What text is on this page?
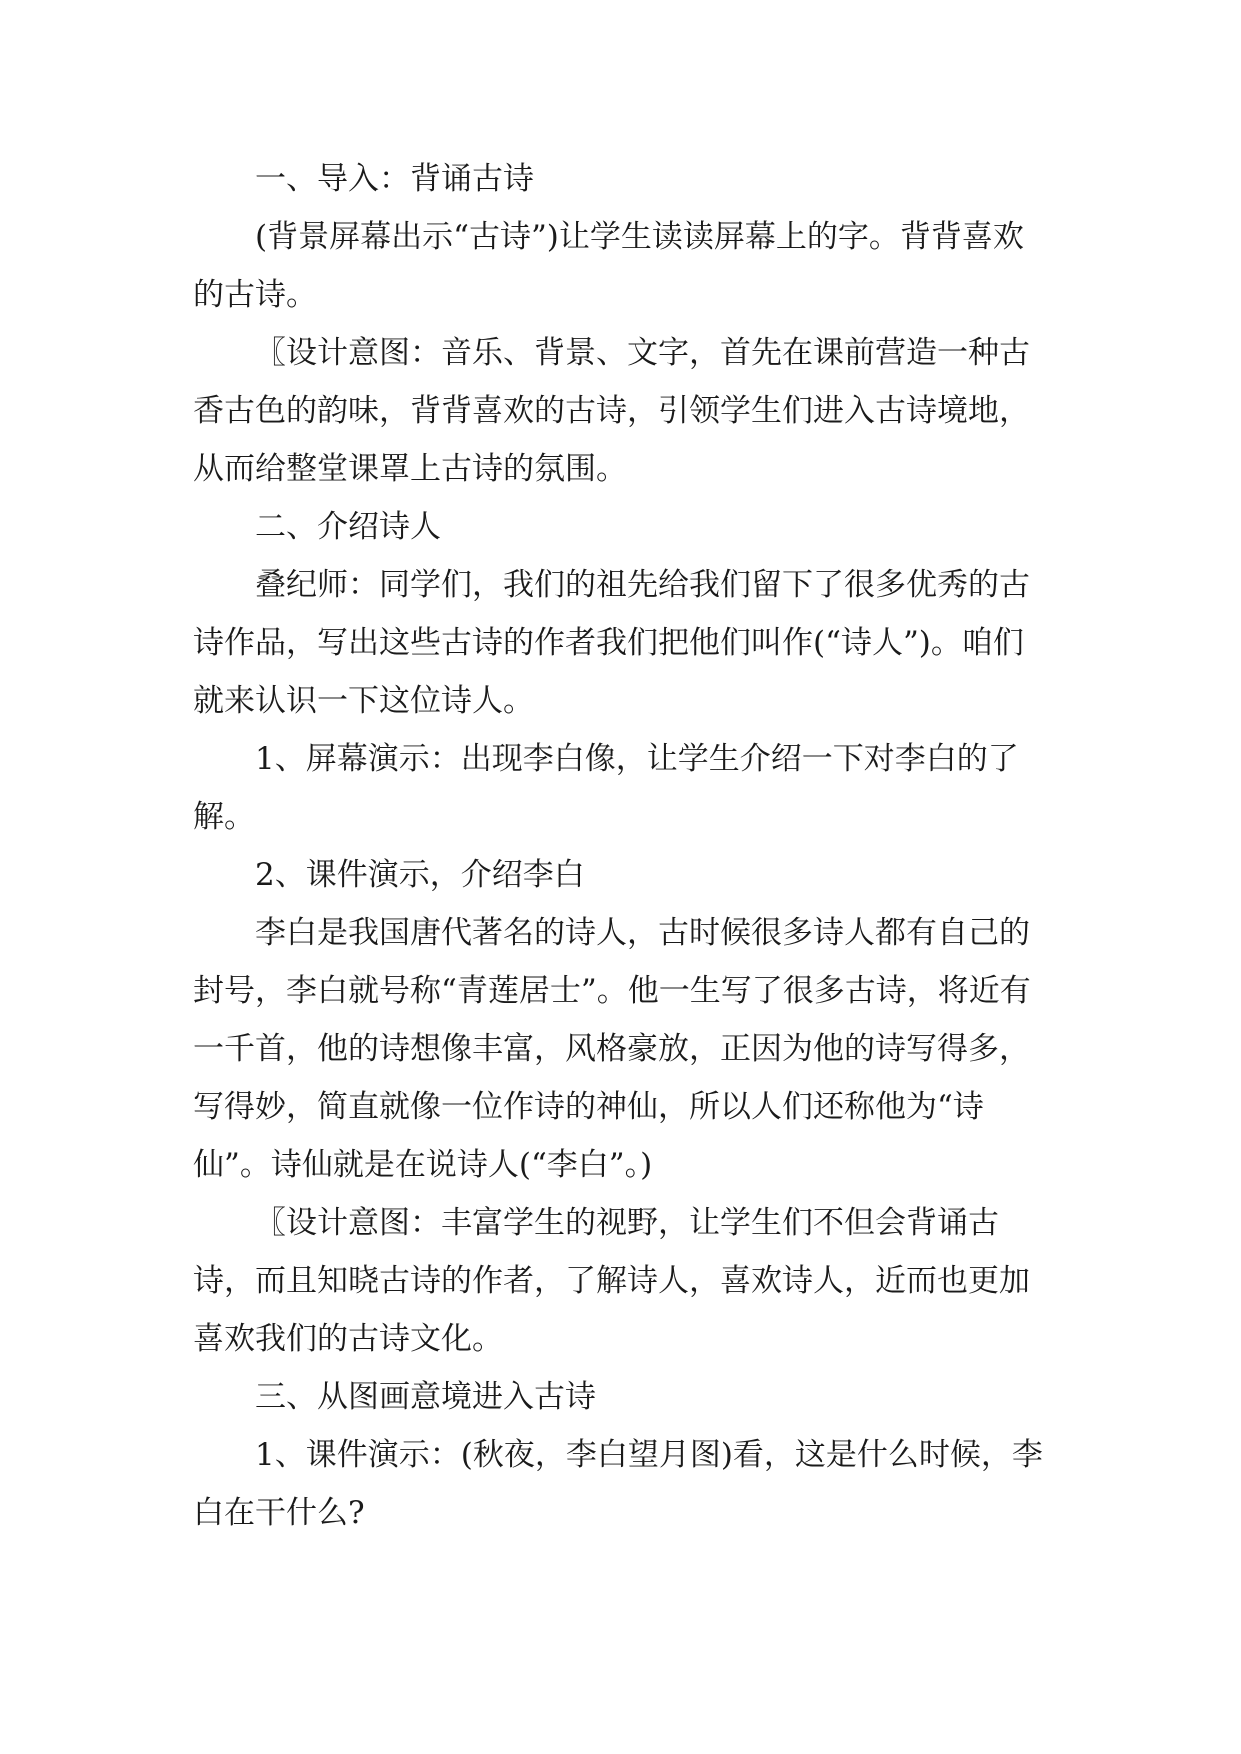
一、导入：背诵古诗

(背景屏幕出示“古诗”)让学生读读屏幕上的字。背背喜欢的古诗。

〖设计意图：音乐、背景、文字，首先在课前营造一种古香古色的韵味，背背喜欢的古诗，引领学生们进入古诗境地，从而给整堂课罩上古诗的氛围。

二、介绍诗人

叠纪师：同学们，我们的祖先给我们留下了很多优秀的古诗作品，写出这些古诗的作者我们把他们叫作(“诗人”)。咱们就来认识一下这位诗人。

1、屏幕演示：出现李白像，让学生介绍一下对李白的了解。

2、课件演示，介绍李白

李白是我国唐代著名的诗人，古时候很多诗人都有自己的封号，李白就号称“青莲居士”。他一生写了很多古诗，将近有一千首，他的诗想像丰富，风格豪放，正因为他的诗写得多，写得妙，简直就像一位作诗的神仙，所以人们还称他为“诗仙”。诗仙就是在说诗人(“李白”。)

〖设计意图：丰富学生的视野，让学生们不但会背诵古诗，而且知晓古诗的作者，了解诗人，喜欢诗人，近而也更加喜欢我们的古诗文化。

三、从图画意境进入古诗

1、课件演示：(秋夜，李白望月图)看，这是什么时候，李白在干什么?
